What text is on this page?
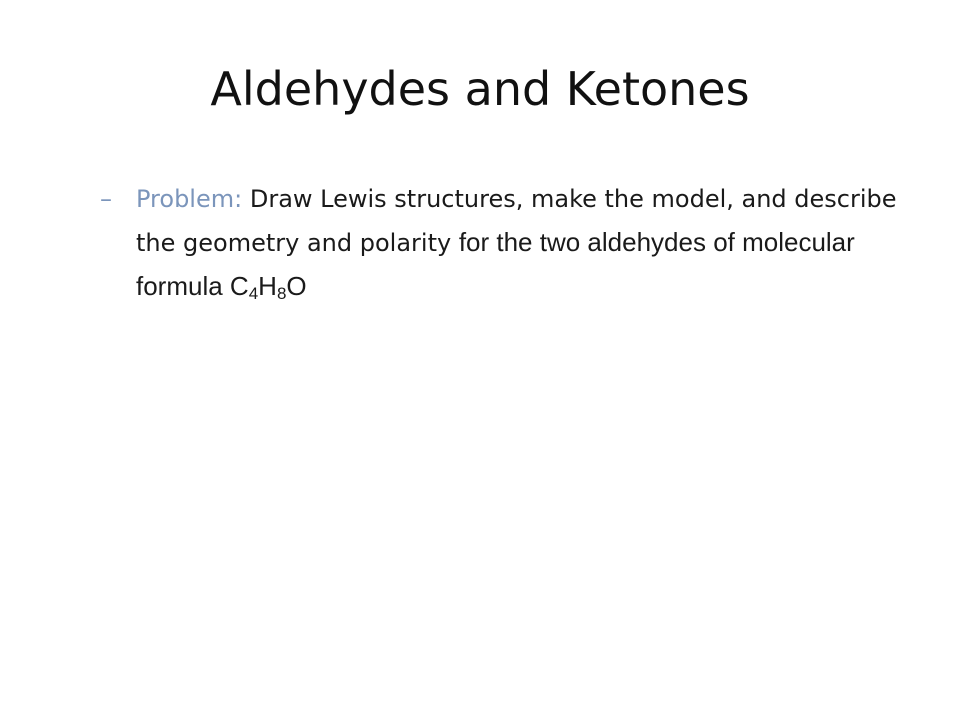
Aldehydes and Ketones
–	Problem: Draw Lewis structures, make the model, and describe the geometry and polarity for the two aldehydes of molecular formula $C_4H_8O$
